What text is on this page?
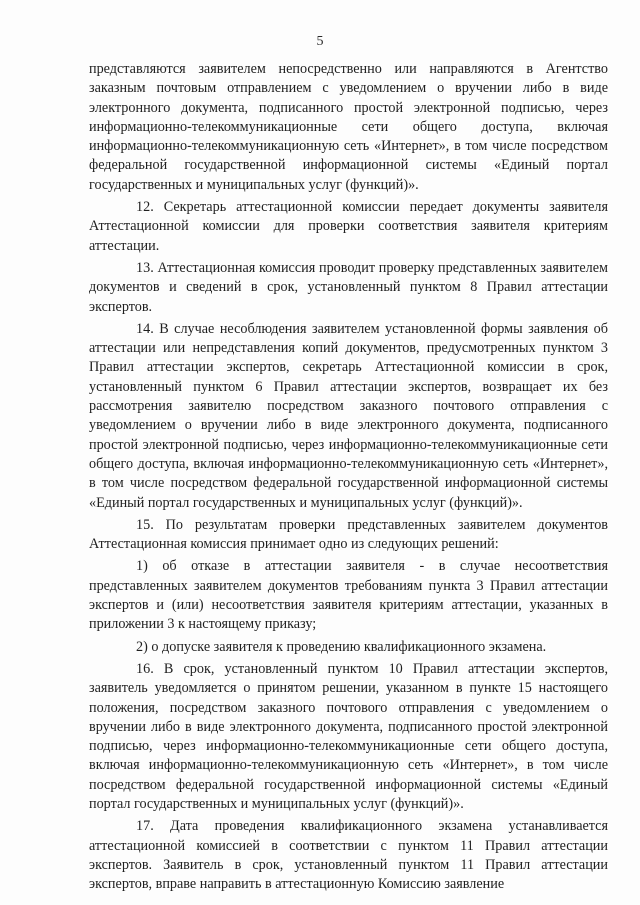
5

представляются заявителем непосредственно или направляются в Агентство заказным почтовым отправлением с уведомлением о вручении либо в виде электронного документа, подписанного простой электронной подписью, через информационно-телекоммуникационные сети общего доступа, включая информационно-телекоммуникационную сеть «Интернет», в том числе посредством федеральной государственной информационной системы «Единый портал государственных и муниципальных услуг (функций)».

12. Секретарь аттестационной комиссии передает документы заявителя Аттестационной комиссии для проверки соответствия заявителя критериям аттестации.

13. Аттестационная комиссия проводит проверку представленных заявителем документов и сведений в срок, установленный пунктом 8 Правил аттестации экспертов.

14. В случае несоблюдения заявителем установленной формы заявления об аттестации или непредставления копий документов, предусмотренных пунктом 3 Правил аттестации экспертов, секретарь Аттестационной комиссии в срок, установленный пунктом 6 Правил аттестации экспертов, возвращает их без рассмотрения заявителю посредством заказного почтового отправления с уведомлением о вручении либо в виде электронного документа, подписанного простой электронной подписью, через информационно-телекоммуникационные сети общего доступа, включая информационно-телекоммуникационную сеть «Интернет», в том числе посредством федеральной государственной информационной системы «Единый портал государственных и муниципальных услуг (функций)».

15. По результатам проверки представленных заявителем документов Аттестационная комиссия принимает одно из следующих решений:

1) об отказе в аттестации заявителя - в случае несоответствия представленных заявителем документов требованиям пункта 3 Правил аттестации экспертов и (или) несоответствия заявителя критериям аттестации, указанных в приложении 3 к настоящему приказу;

2) о допуске заявителя к проведению квалификационного экзамена.

16. В срок, установленный пунктом 10 Правил аттестации экспертов, заявитель уведомляется о принятом решении, указанном в пункте 15 настоящего положения, посредством заказного почтового отправления с уведомлением о вручении либо в виде электронного документа, подписанного простой электронной подписью, через информационно-телекоммуникационные сети общего доступа, включая информационно-телекоммуникационную сеть «Интернет», в том числе посредством федеральной государственной информационной системы «Единый портал государственных и муниципальных услуг (функций)».

17. Дата проведения квалификационного экзамена устанавливается аттестационной комиссией в соответствии с пунктом 11 Правил аттестации экспертов. Заявитель в срок, установленный пунктом 11 Правил аттестации экспертов, вправе направить в аттестационную Комиссию заявление
